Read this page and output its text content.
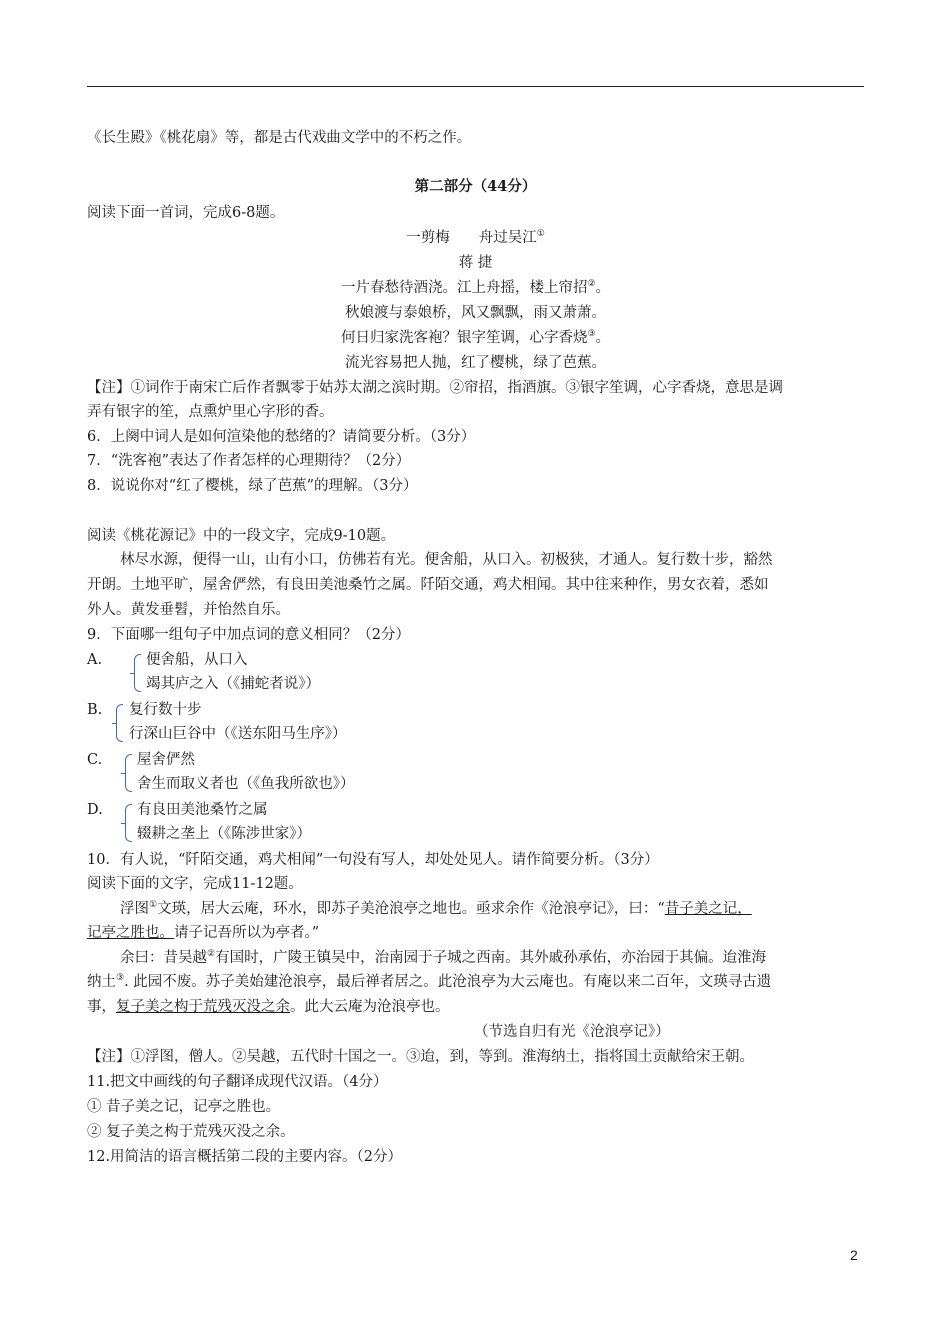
《长生殿》《桃花扇》等，都是古代戏曲文学中的不朽之作。
第二部分（44分）
阅读下面一首词，完成6-8题。
一剪梅　　舟过吴江①
蒋 捷
一片春愁待酒浇。江上舟摇，楼上帘招②。
秋娘渡与泰娘桥，风又飘飘，雨又萧萧。
何日归家洗客袍？银字笙调，心字香烧③。
流光容易把人抛，红了樱桃，绿了芭蕉。
【注】①词作于南宋亡后作者飘零于姑苏太湖之滨时期。②帘招，指酒旗。③银字笙调，心字香烧，意思是调
弄有银字的笙，点熏炉里心字形的香。
6．上阕中词人是如何渲染他的愁绪的？请简要分析。（3分）
7．“洗客袍”表达了作者怎样的心理期待？（2分）
8．说说你对“红了樱桃，绿了芭蕉”的理解。（3分）
阅读《桃花源记》中的一段文字，完成9-10题。
林尽水源，便得一山，山有小口，仿佛若有光。便舍船，从口入。初极狭，才通人。复行数十步，豁然
开朗。土地平旷，屋舍俨然，有良田美池桑竹之属。阡陌交通，鸡犬相闻。其中往来种作，男女衣着，悉如
外人。黄发垂髫，并怡然自乐。
9．下面哪一组句子中加点词的意义相同？（2分）
A.	便舍船，从口入
竭其庐之入（《捕蛇者说》）
B. 复行数十步
行深山巨谷中（《送东阳马生序》）
C. 屋舍俨然
舍生而取义者也（《鱼我所欲也》）
D. 有良田美池桑竹之属
辍耕之垄上（《陈涉世家》）
10．有人说，“阡陌交通，鸡犬相闻”一句没有写人，却处处见人。请作简要分析。（3分）
阅读下面的文字，完成11-12题。
浮图①文瑛，居大云庵，环水，即苏子美沧浪亭之地也。亟求余作《沧浪亭记》，曰：“昔子美之记，
记亭之胜也。请子记吾所以为亭者。”
余曰：昔吴越②有国时，广陵王镇吴中，治南园于子城之西南。其外戚孙承佑，亦治园于其偏。迨淮海
纳土③. 此园不废。苏子美始建沧浪亭，最后禅者居之。此沧浪亭为大云庵也。有庵以来二百年，文瑛寻古遗
事，复子美之构于荒残灭没之余。此大云庵为沧浪亭也。
（节选自归有光《沧浪亭记》）
【注】①浮图，僧人。②吴越，五代时十国之一。③迨，到，等到。淮海纳土，指将国土贡献给宋王朝。
11.把文中画线的句子翻译成现代汉语。（4分）
① 昔子美之记，记亭之胜也。
② 复子美之构于荒残灭没之余。
12.用简洁的语言概括第二段的主要内容。（2分）
2
